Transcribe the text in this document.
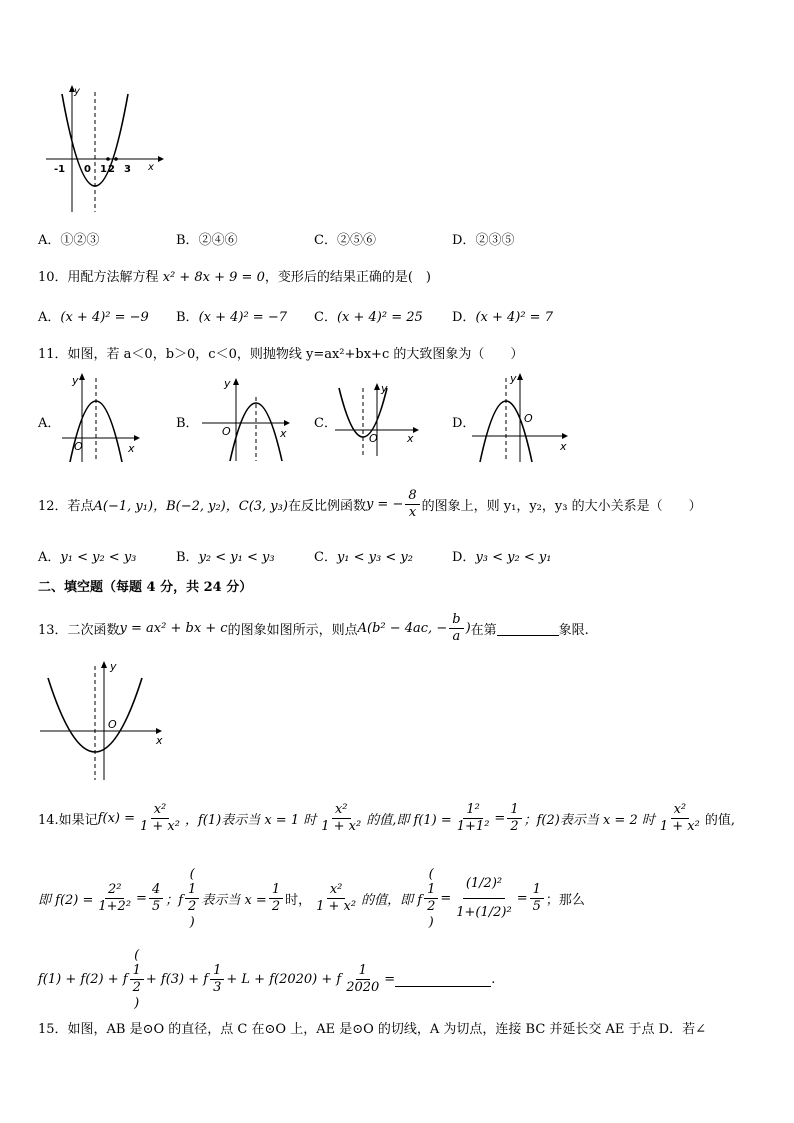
y
x
-1 0 1 2 3
A．①②③	B．②④⑥	C．②⑤⑥	D．②③⑤
10．用配方法解方程 x² + 8x + 9 = 0，变形后的结果正确的是(　)
A．(x + 4)² = −9 B．(x + 4)² = −7 C．(x + 4)² = 25 D．(x + 4)² = 7
11．如图，若 a＜0，b＞0，c＜0，则抛物线 y=ax²+bx+c 的大致图象为（　　）
A．
y
x
O
B．
y
x
O
C．
y
x
O
D．
y
x
O
12．若点 A(−1, y₁)，B(−2, y₂)，C(3, y₃) 在反比例函数 y = − $\frac{8}{x}$ 的图象上，则 y₁，y₂，y₃ 的大小关系是（　　）
A．y₁ < y₂ < y₃	B．y₂ < y₁ < y₃	C．y₁ < y₃ < y₂	D．y₃ < y₂ < y₁
二、填空题（每题 4 分，共 24 分）
13．二次函数 y = ax² + bx + c 的图象如图所示，则点 A(b² − 4ac, − $\frac{b}{a}$ ) 在第	象限.
y
x
O
14.如果记 $f(x) = \frac{\text{x²}}{\text{1 + x²}}$ ，f(1)表示当 x = 1 时 $\frac{\text{x²}}{\text{1 + x²}}$ 的值,即 $f(1) = \frac{\text{1²}}{\text{1+1²}} = \frac{1}{2}$ ；f(2)表示当 x = 2 时 $\frac{\text{x²}}{\text{1 + x²}}$ 的值,
即 $f(2) = \frac{\text{2²}}{\text{1+2²}} = \frac{4}{5}$ ；f
(
1
2
)
表示当 $x = \frac{1}{2}$ 时， $\frac{\text{x²}}{\text{1 + x²}}$ 的值，即 f
(
1
2
)
= $\frac{\text{(1/2)²}}{\text{1+(1/2)²}} = \frac{1}{5}$ ；那么
f(1) + f(2) + f
(
1
2
)
+ f(3) + f $\frac{1}{3} + L + f(2020) + f \frac{1}{2020}$ =	.
15．如图，AB 是⊙O 的直径，点 C 在⊙O 上，AE 是⊙O 的切线，A 为切点，连接 BC 并延长交 AE 于点 D．若∠
